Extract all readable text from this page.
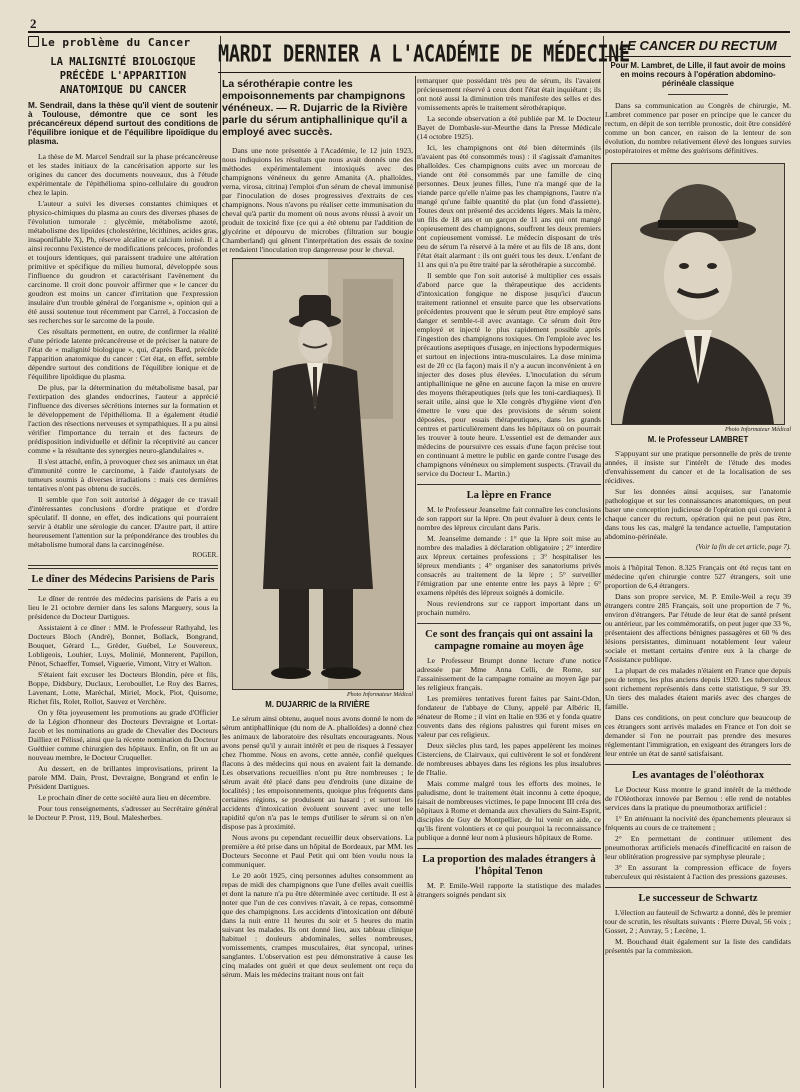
2
Le problème du Cancer
LA MALIGNITÉ BIOLOGIQUE PRÉCÈDE L'APPARITION ANATOMIQUE DU CANCER
M. Sendrail, dans la thèse qu'il vient de soutenir à Toulouse, démontre que ce sont les précancéreux dépend surtout des conditions de l'équilibre ionique et de l'équilibre lipoïdique du plasma.

La thèse de M. Marcel Sendrail sur la phase précancéreuse et les stades initiaux de la cancérisation apporte sur les origines du cancer des documents nouveaux, dus à l'étude expérimentale de l'épithélioma spino-cellulaire du goudron chez le lapin.

L'auteur a suivi les diverses constantes chimiques et physico-chimiques du plasma au cours des diverses phases de l'évolution tumorale : glycémie, métabolisme azoté, métabolisme des lipoïdes (cholestérine, lécithines, acides gras, insaponifiable X), Ph, réserve alcaline et calcium ionisé. Il a ainsi reconnu l'existence de modifications précoces, profondes et toujours identiques, qui paraissent traduire une altération primitive et spécifique du milieu humoral, développée sous l'influence du goudron et caractérisant l'avènement du carcinome. Il croit donc pouvoir affirmer que « le cancer du goudron est moins un cancer d'irritation que l'expression insulaire d'un trouble général de l'organisme », opinion qui a été aussi soutenue tout récemment par Carrel, à l'occasion de ses recherches sur le sarcome de la poule.

Ces résultats permettent, en outre, de confirmer la réalité d'une période latente précancéreuse et de préciser la nature de l'état de « malignité biologique », qui, d'après Bard, précède l'apparition anatomique du cancer : Cet état, en effet, semble dépendre surtout des conditions de l'équilibre ionique et de l'équilibre lipoïdique du plasma.

De plus, par la détermination du métabolisme basal, par l'extirpation des glandes endocrines, l'auteur a apprécié l'influence des diverses sécrétions internes sur la formation et le développement de l'épithélioma. Il a également étudié l'action des résections nerveuses et sympathiques. Il a pu ainsi vérifier l'importance du terrain et des facteurs de prédisposition individuelle et définir la réceptivité au cancer comme « la résultante des synergies neuro-glandulaires ».

Il s'est attaché, enfin, à provoquer chez ses animaux un état d'immunité contre le carcinome, à l'aide d'autolysats de tumeurs soumis à diverses irradiations : mais ces dernières tentatives n'ont pas obtenu de succès.

Il semble que l'on soit autorisé à dégager de ce travail d'intéressantes conclusions d'ordre pratique et d'ordre spéculatif. Il donne, en effet, des indications qui pourraient servir à établir une sérologie du cancer. D'autre part, il attire heureusement l'attention sur la prépondérance des troubles du métabolisme humoral dans la carcinogénèse.

ROGER.
Le dîner des Médecins Parisiens de Paris

Le dîner de rentrée des médecins parisiens de Paris a eu lieu le 21 octobre dernier dans les salons Marguery, sous la présidence du Docteur Dartigues.

Assistaient à ce dîner : MM. le Professeur Rathyahd, les Docteurs Bloch (André), Bonnet, Bollack, Bongrand, Bouquet, Gérard L., Grèder, Guébel, Le Souvereux, Lobligeois, Louhier, Luys, Molinié, Monnerent, Papillon, Pénot, Schaeffer, Tomsel, Viguerie, Vimont, Vitry et Walton.

S'étaient fait excuser les Docteurs Blondin, père et fils, Boppe, Didsbury, Duclaux, Leroboullet, Le Roy des Barres, Lavenant, Lotte, Maréchal, Miriel, Mock, Piot, Quisorne, Richet fils, Rolet, Rollot, Sauvez et Verchère.

On y fêta joyeusement les promotions au grade d'Officier de la Légion d'honneur des Docteurs Devraigne et Lortat-Jacob et les nominations au grade de Chevalier des Docteurs Dailliez et Pélissé, ainsi que la récente nomination du Docteur Guéthier comme chirurgien des hôpitaux. Enfin, on fit un au nouveau membre, le Docteur Cruqueller.

Au dessert, en de brillantes improvisations, prirent la parole MM. Dain, Prost, Devraigne, Bongrand et enfin le Président Dartigues.

Le prochain dîner de cette société aura lieu en décembre.

Pour tous renseignements, s'adresser au Secrétaire général le Docteur P. Prost, 119, Boul. Malesherbes.

MARDI DERNIER A L'ACADÉMIE DE MÉDECINE
La sérothérapie contre les empoisonnements par champignons vénéneux. — R. Dujarric de la Rivière parle du sérum antiphallinique qu'il a employé avec succès.

Dans une note présentée à l'Académie, le 12 juin 1923, nous indiquions les résultats que nous avait donnés une des méthodes expérimentalement intoxiqués avec des champignons vénéneux du genre Amanita (A. phalloïdes, verna, virosa, citrina) l'emploi d'un sérum de cheval immunisé par l'inoculation de doses progressives d'extraits de ces champignons. Nous n'avons pu réaliser cette immunisation du cheval qu'à partir du moment où nous avons réussi à avoir un produit de toxicité fixe (ce qui a été obtenu par l'addition de glycérine et dépourvu de microbes (filtration sur bougie Chamberland) qui gênent l'interprétation des essais de toxine et rendaient l'inoculation trop dangereuse pour le cheval.

Photo Informateur Médical
M. DUJARRIC de la RIVIÈRE

Le sérum ainsi obtenu, auquel nous avons donné le nom de sérum antiphallinique (du nom de A. phalloïdes) a donné chez les animaux de laboratoire des résultats encourageants. Nous avons pensé qu'il y aurait intérêt et peu de risques à l'essayer chez l'homme. Nous en avons, cette année, confié quelques flacons à des médecins qui nous en avaient fait la demande. Les observations recueillies n'ont pu être nombreuses ; le sérum avait été placé dans peu d'endroits (une dizaine de localités) ; les empoisonnements, quoique plus fréquents dans certaines régions, se produisent au hasard ; et surtout les accidents d'intoxication évoluent souvent avec une telle rapidité qu'on n'a pas le temps d'utiliser le sérum si on n'en dispose pas à proximité.

Nous avons pu cependant recueillir deux observations. La première a été prise dans un hôpital de Bordeaux, par MM. les Docteurs Seconne et Paul Petit qui ont bien voulu nous la communiquer.

Le 20 août 1925, cinq personnes adultes consomment au repas de midi des champignons que l'une d'elles avait cueillis et dont la nature n'a pu être déterminée avec certitude. Il est à noter que l'un de ces convives n'avait, à ce repas, consommé que des champignons. Les accidents d'intoxication ont débuté dans la nuit entre 11 heures du soir et 5 heures du matin suivant les malades. Ils ont donné lieu, aux tableau clinique habituel : douleurs abdominales, selles nombreuses, vomissements, crampes musculaires, état syncopal, urines sanglantes. L'observation est peu démonstrative à cause les cinq malades ont guéri et que deux seulement ont reçu du sérum. Mais les médecins traitant nous ont fait

remarquer que possédant très peu de sérum, ils l'avaient précieusement réservé à ceux dont l'état était inquiétant ; ils ont noté aussi la diminution très manifeste des selles et des vomissements après le traitement sérothérapique.

La seconde observation a été publiée par M. le Docteur Bayet de Dombasle-sur-Meurthe dans la Presse Médicale (14 octobre 1925).

Ici, les champignons ont été bien déterminés (ils n'avaient pas été consommés tous) : il s'agissait d'amanites phalloïdes. Ces champignons cuits avec un morceau de viande ont été consommés par une famille de cinq personnes. Deux jeunes filles, l'une n'a mangé que de la viande parce qu'elle n'aime pas les champignons, l'autre n'a mangé qu'une faible quantité du plat (un fond d'assiette). Toutes deux ont présenté des accidents légers. Mais la mère, un fils de 18 ans et un garçon de 11 ans qui ont mangé copieusement des champignons, souffrent les deux premiers ont copieusement vomissé. Le médecin disposant de très peu de sérum l'a réservé à la mère et au fils de 18 ans, dont l'état était alarmant : ils ont guéri tous les deux. L'enfant de 11 ans qui n'a pu être traité par la sérothérapie a succombé.

Il semble que l'on soit autorisé à multiplier ces essais d'abord parce que la thérapeutique des accidents d'intoxication fongique ne dispose jusqu'ici d'aucun traitement rationnel et ensuite parce que les observations précédentes prouvent que le sérum peut être employé sans danger et semble-t-il avec avantage. Ce sérum doit être employé et injecté le plus rapidement possible après l'ingestion des champignons toxiques. On l'emploie avec les précautions aseptiques d'usage, en injections hypodermiques et surtout en injections intra-musculaires. La dose minima est de 20 cc (la façon) mais il n'y a aucun inconvénient à en injecter des doses plus élevées. L'inoculation du sérum antiphallinique ne gêne en aucune façon la mise en œuvre des moyens thérapeutiques (tels que les toni-cardiaques). Il serait utile, ainsi que le XIe congrès d'hygiène vient d'en émettre le vœu que des provisions de sérum soient déposées, pour essais thérapeutiques, dans les grands centres et particulièrement dans les hôpitaux où on pourrait les trouver à toute heure. L'essentiel est de demander aux médecins de poursuivre ces essais d'une façon précise tout en continuant à mettre le public en garde contre l'usage des champignons vénéneux ou simplement suspects. (Travail du service du Docteur L. Martin.)

La lèpre en France

M. le Professeur Jeanselme fait connaître les conclusions de son rapport sur la lèpre. On peut évaluer à deux cents le nombre des lépreux circulant dans Paris.

M. Jeanselme demande : 1° que la lèpre soit mise au nombre des maladies à déclaration obligatoire ; 2° interdire aux lépreux certaines professions ; 3° hospitaliser les lépreux mendiants ; 4° organiser des sanatoriums privés consacrés au traitement de la lèpre ; 5° surveiller l'émigration par une entente entre les pays à lèpre ; 6° examens répétés des lépreux soignés à domicile.

Nous reviendrons sur ce rapport important dans un prochain numéro.

Ce sont des français qui ont assaini la campagne romaine au moyen âge

Le Professeur Brumpt donne lecture d'une notice adressée par Mme Anna Celli, de Rome, sur l'assainissement de la campagne romaine au moyen âge par les religieux français.

Les premières tentatives furent faites par Saint-Odon, fondateur de l'abbaye de Cluny, appelé par Albéric II, sénateur de Rome ; il vint en Italie en 936 et y fonda quatre couvents dans des régions palustres qui furent mises en valeur par ces religieux.

Deux siècles plus tard, les papes appelèrent les moines Cisterciens, de Clairvaux, qui cultivèrent le sol et fondèrent de nombreuses abbayes dans les régions les plus insalubres de l'Italie.

Mais comme malgré tous les efforts des moines, le paludisme, dont le traitement était inconnu à cette époque, faisait de nombreuses victimes, le pape Innocent III créa des hôpitaux à Rome et demanda aux chevaliers du Saint-Esprit, disciples de Guy de Montpellier, de lui venir en aide, ce qu'ils firent volontiers et ce qui pourquoi la reconnaissance publique a donné leur nom à plusieurs hôpitaux de Rome.

La proportion des malades étrangers à l'hôpital Tenon

M. P. Emile-Weil rapporte la statistique des malades étrangers soignés pendant six

LE CANCER DU RECTUM
Pour M. Lambret, de Lille, il faut avoir de moins en moins recours à l'opération abdomino-périnéale classique

Dans sa communication au Congrès de chirurgie, M. Lambret commence par poser en principe que le cancer du rectum, en dépit de son terrible pronostic, doit être considéré comme un bon cancer, en raison de la lenteur de son évolution, du nombre relativement élevé des longues survies postopératoires et même des guérisons définitives.

Photo Informateur Médical
M. le Professeur LAMBRET

S'appuyant sur une pratique personnelle de près de trente années, il insiste sur l'intérêt de l'étude des modes d'envahissement du cancer et de la localisation de ses récidives.

Sur les données ainsi acquises, sur l'anatomie pathologique et sur les connaissances anatomiques, on peut baser une conception judicieuse de l'opération qui convient à chaque cancer du rectum, opération qui ne peut pas être, dans tous les cas, malgré la tendance actuelle, l'amputation abdomino-périnéale.

(Voir la fin de cet article, page 7).

mois à l'hôpital Tenon. 8.325 Français ont été reçus tant en médecine qu'en chirurgie contre 527 étrangers, soit une proportion de 6,4 étrangers.

Dans son propre service, M. P. Emile-Weil a reçu 39 étrangers contre 285 Français, soit une proportion de 7 %, environ d'étrangers. Par l'étude de leur état de santé présent ou antérieur, par les commémoratifs, on peut juger que 33 %, présentaient des affections bénignes passagères et 60 % des lésions persistantes, diminuant notablement leur valeur sociale et mettant certains d'entre eux à la charge de l'Assistance publique.

La plupart de ces malades n'étaient en France que depuis peu de temps, les plus anciens depuis 1920. Les tuberculeux sont richement représentés dans cette statistique, 9 sur 39. Un tiers des malades étaient mariés avec des charges de famille.

Dans ces conditions, on peut conclure que beaucoup de ces étrangers sont arrivés malades en France et l'on doit se demander si l'on ne pourrait pas prendre des mesures réglementant l'immigration, en exigeant des étrangers lors de leur entrée un état de santé satisfaisant.

Les avantages de l'oléothorax

Le Docteur Kuss montre le grand intérêt de la méthode de l'Oléothorax innovée par Bernou : elle rend de notables services dans la pratique du pneumothorax artificiel :

1° En atténuant la nocivité des épanchements pleuraux si fréquents au cours de ce traitement ;

2° En permettant de continuer utilement des pneumothorax artificiels menacés d'inefficacité en raison de leur oblitération progressive par symphyse pleurale ;

3° En assurant la compression efficace de foyers tuberculeux qui résistaient à l'action des pressions gazeuses.

Le successeur de Schwartz

L'élection au fauteuil de Schwartz a donné, dès le premier tour de scrutin, les résultats suivants : Pierre Duval, 56 voix ; Gosset, 2 ; Auvray, 5 ; Lecène, 1.

M. Bouchaud était également sur la liste des candidats présentés par la commission.
